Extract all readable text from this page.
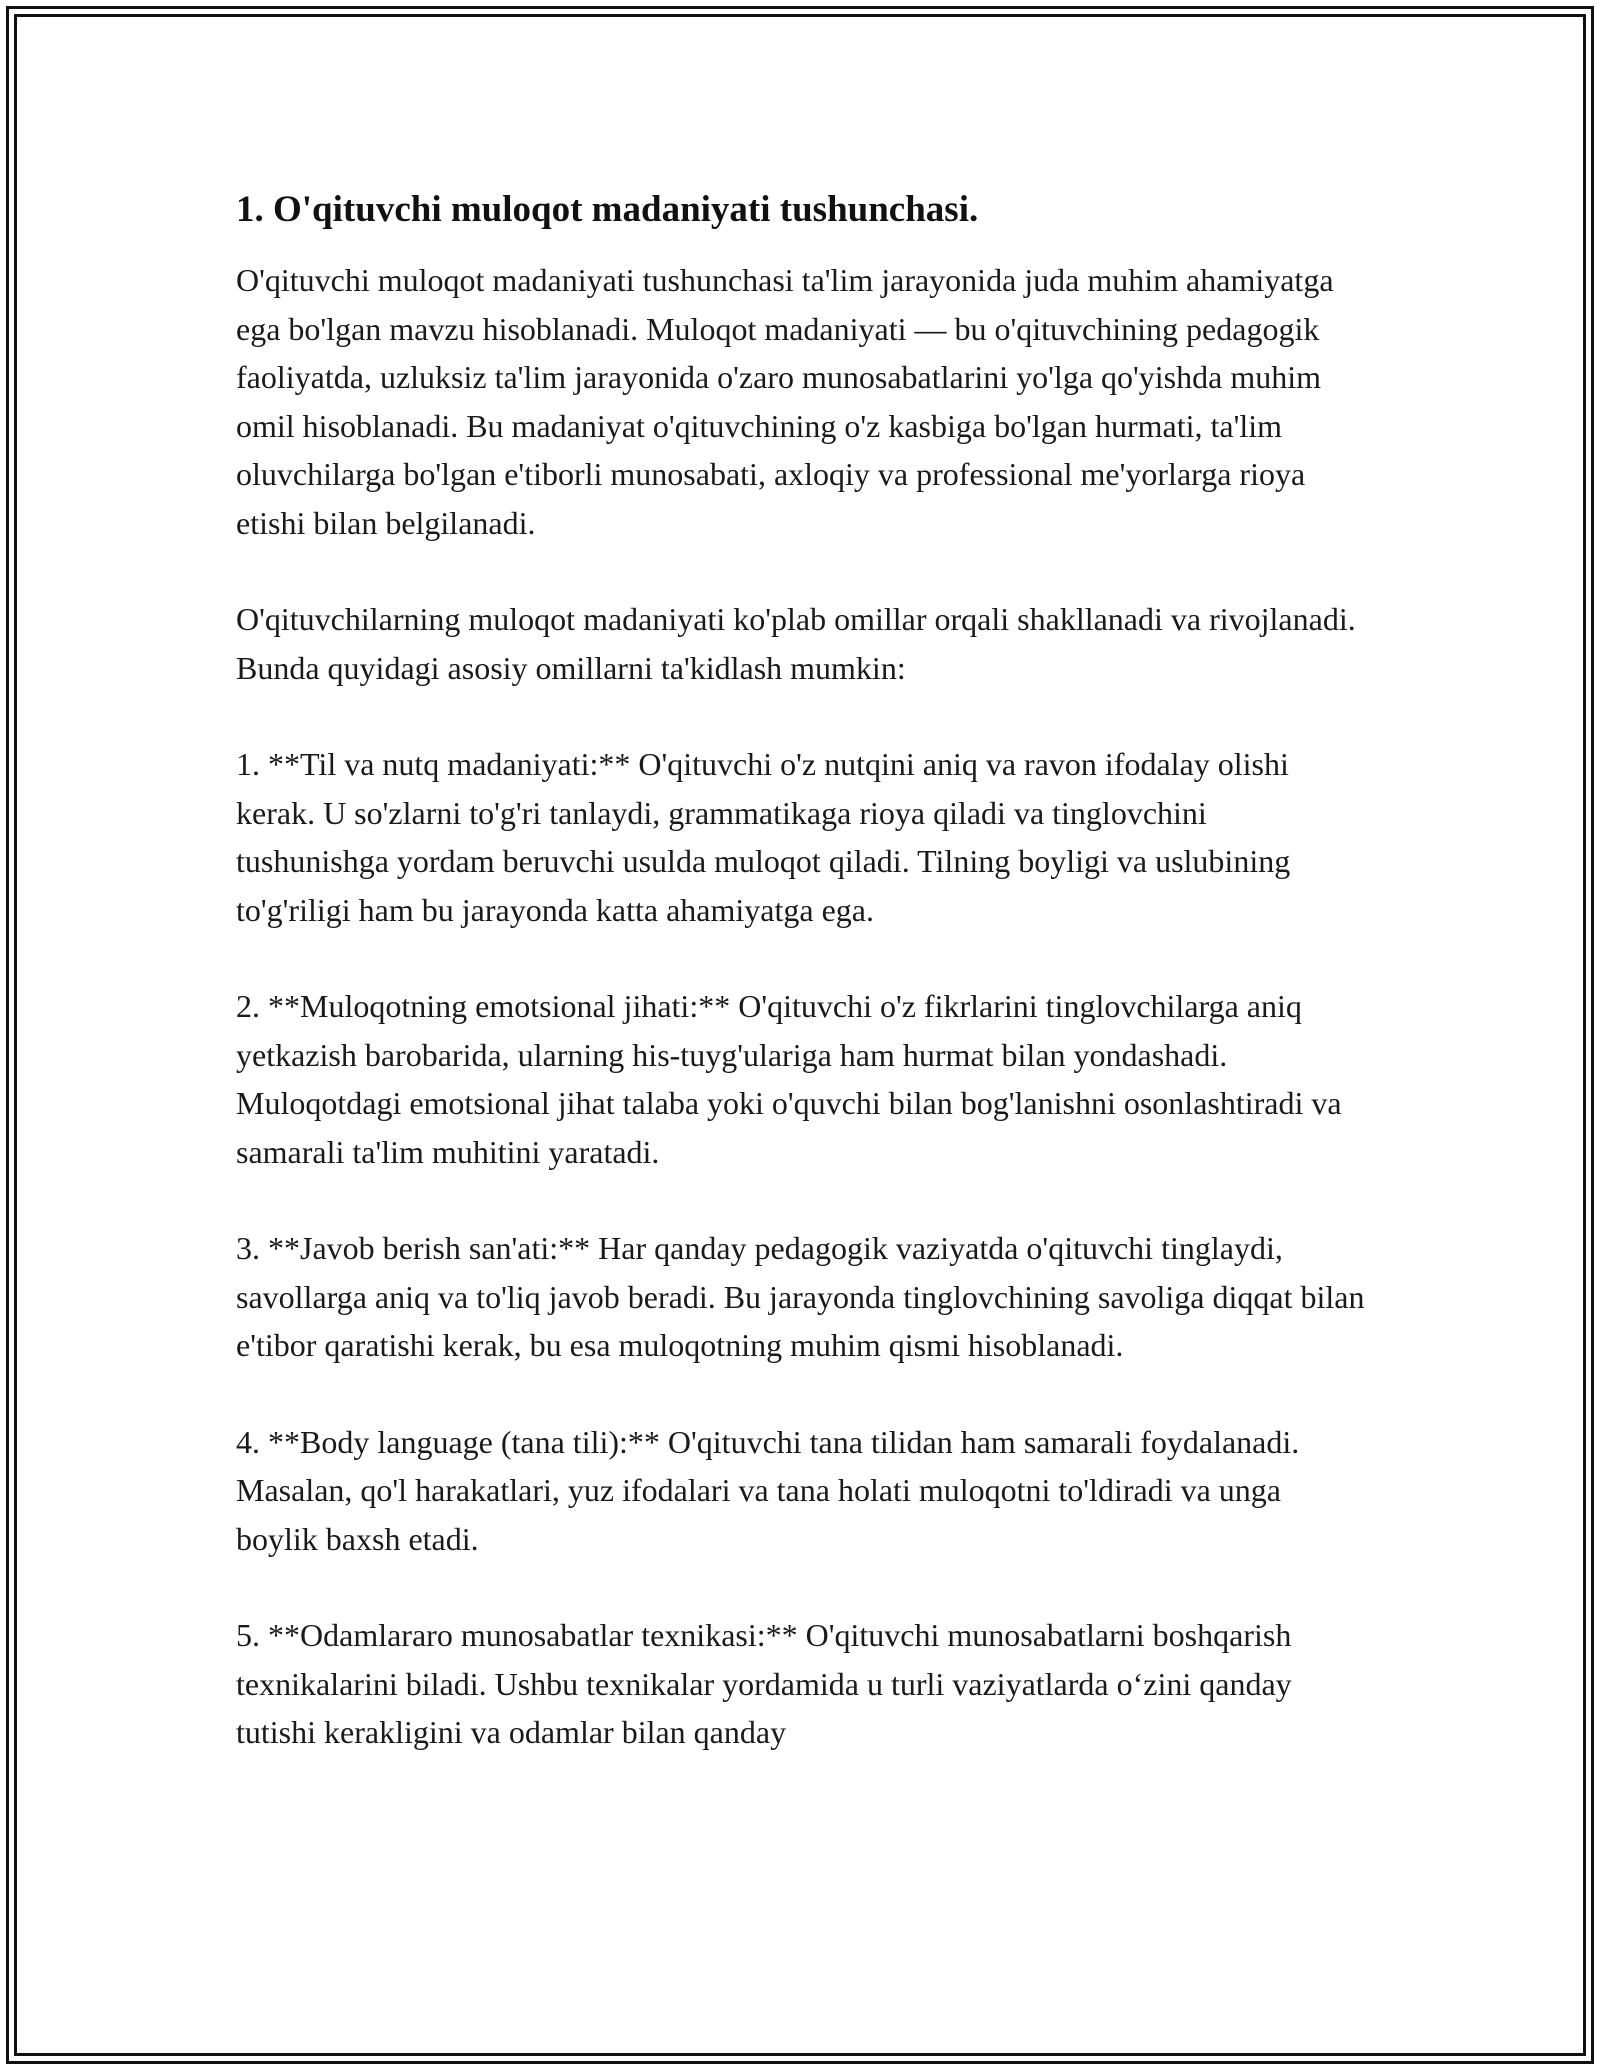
1. O'qituvchi muloqot madaniyati tushunchasi.

O'qituvchi muloqot madaniyati tushunchasi ta'lim jarayonida juda muhim ahamiyatga ega bo'lgan mavzu hisoblanadi. Muloqot madaniyati — bu o'qituvchining pedagogik faoliyatda, uzluksiz ta'lim jarayonida o'zaro munosabatlarini yo'lga qo'yishda muhim omil hisoblanadi. Bu madaniyat o'qituvchining o'z kasbiga bo'lgan hurmati, ta'lim oluvchilarga bo'lgan e'tiborli munosabati, axloqiy va professional me'yorlarga rioya etishi bilan belgilanadi.

O'qituvchilarning muloqot madaniyati ko'plab omillar orqali shakllanadi va rivojlanadi. Bunda quyidagi asosiy omillarni ta'kidlash mumkin:

1. **Til va nutq madaniyati:** O'qituvchi o'z nutqini aniq va ravon ifodalay olishi kerak. U so'zlarni to'g'ri tanlaydi, grammatikaga rioya qiladi va tinglovchini tushunishga yordam beruvchi usulda muloqot qiladi. Tilning boyligi va uslubining to'g'riligi ham bu jarayonda katta ahamiyatga ega.

2. **Muloqotning emotsional jihati:** O'qituvchi o'z fikrlarini tinglovchilarga aniq yetkazish barobarida, ularning his-tuyg'ulariga ham hurmat bilan yondashadi. Muloqotdagi emotsional jihat talaba yoki o'quvchi bilan bog'lanishni osonlashtiradi va samarali ta'lim muhitini yaratadi.

3. **Javob berish san'ati:** Har qanday pedagogik vaziyatda o'qituvchi tinglaydi, savollarga aniq va to'liq javob beradi. Bu jarayonda tinglovchining savoliga diqqat bilan e'tibor qaratishi kerak, bu esa muloqotning muhim qismi hisoblanadi.

4. **Body language (tana tili):** O'qituvchi tana tilidan ham samarali foydalanadi. Masalan, qo'l harakatlari, yuz ifodalari va tana holati muloqotni to'ldiradi va unga boylik baxsh etadi.

5. **Odamlararo munosabatlar texnikasi:** O'qituvchi munosabatlarni boshqarish texnikalarini biladi. Ushbu texnikalar yordamida u turli vaziyatlarda o‘zini qanday tutishi kerakligini va odamlar bilan qanday
